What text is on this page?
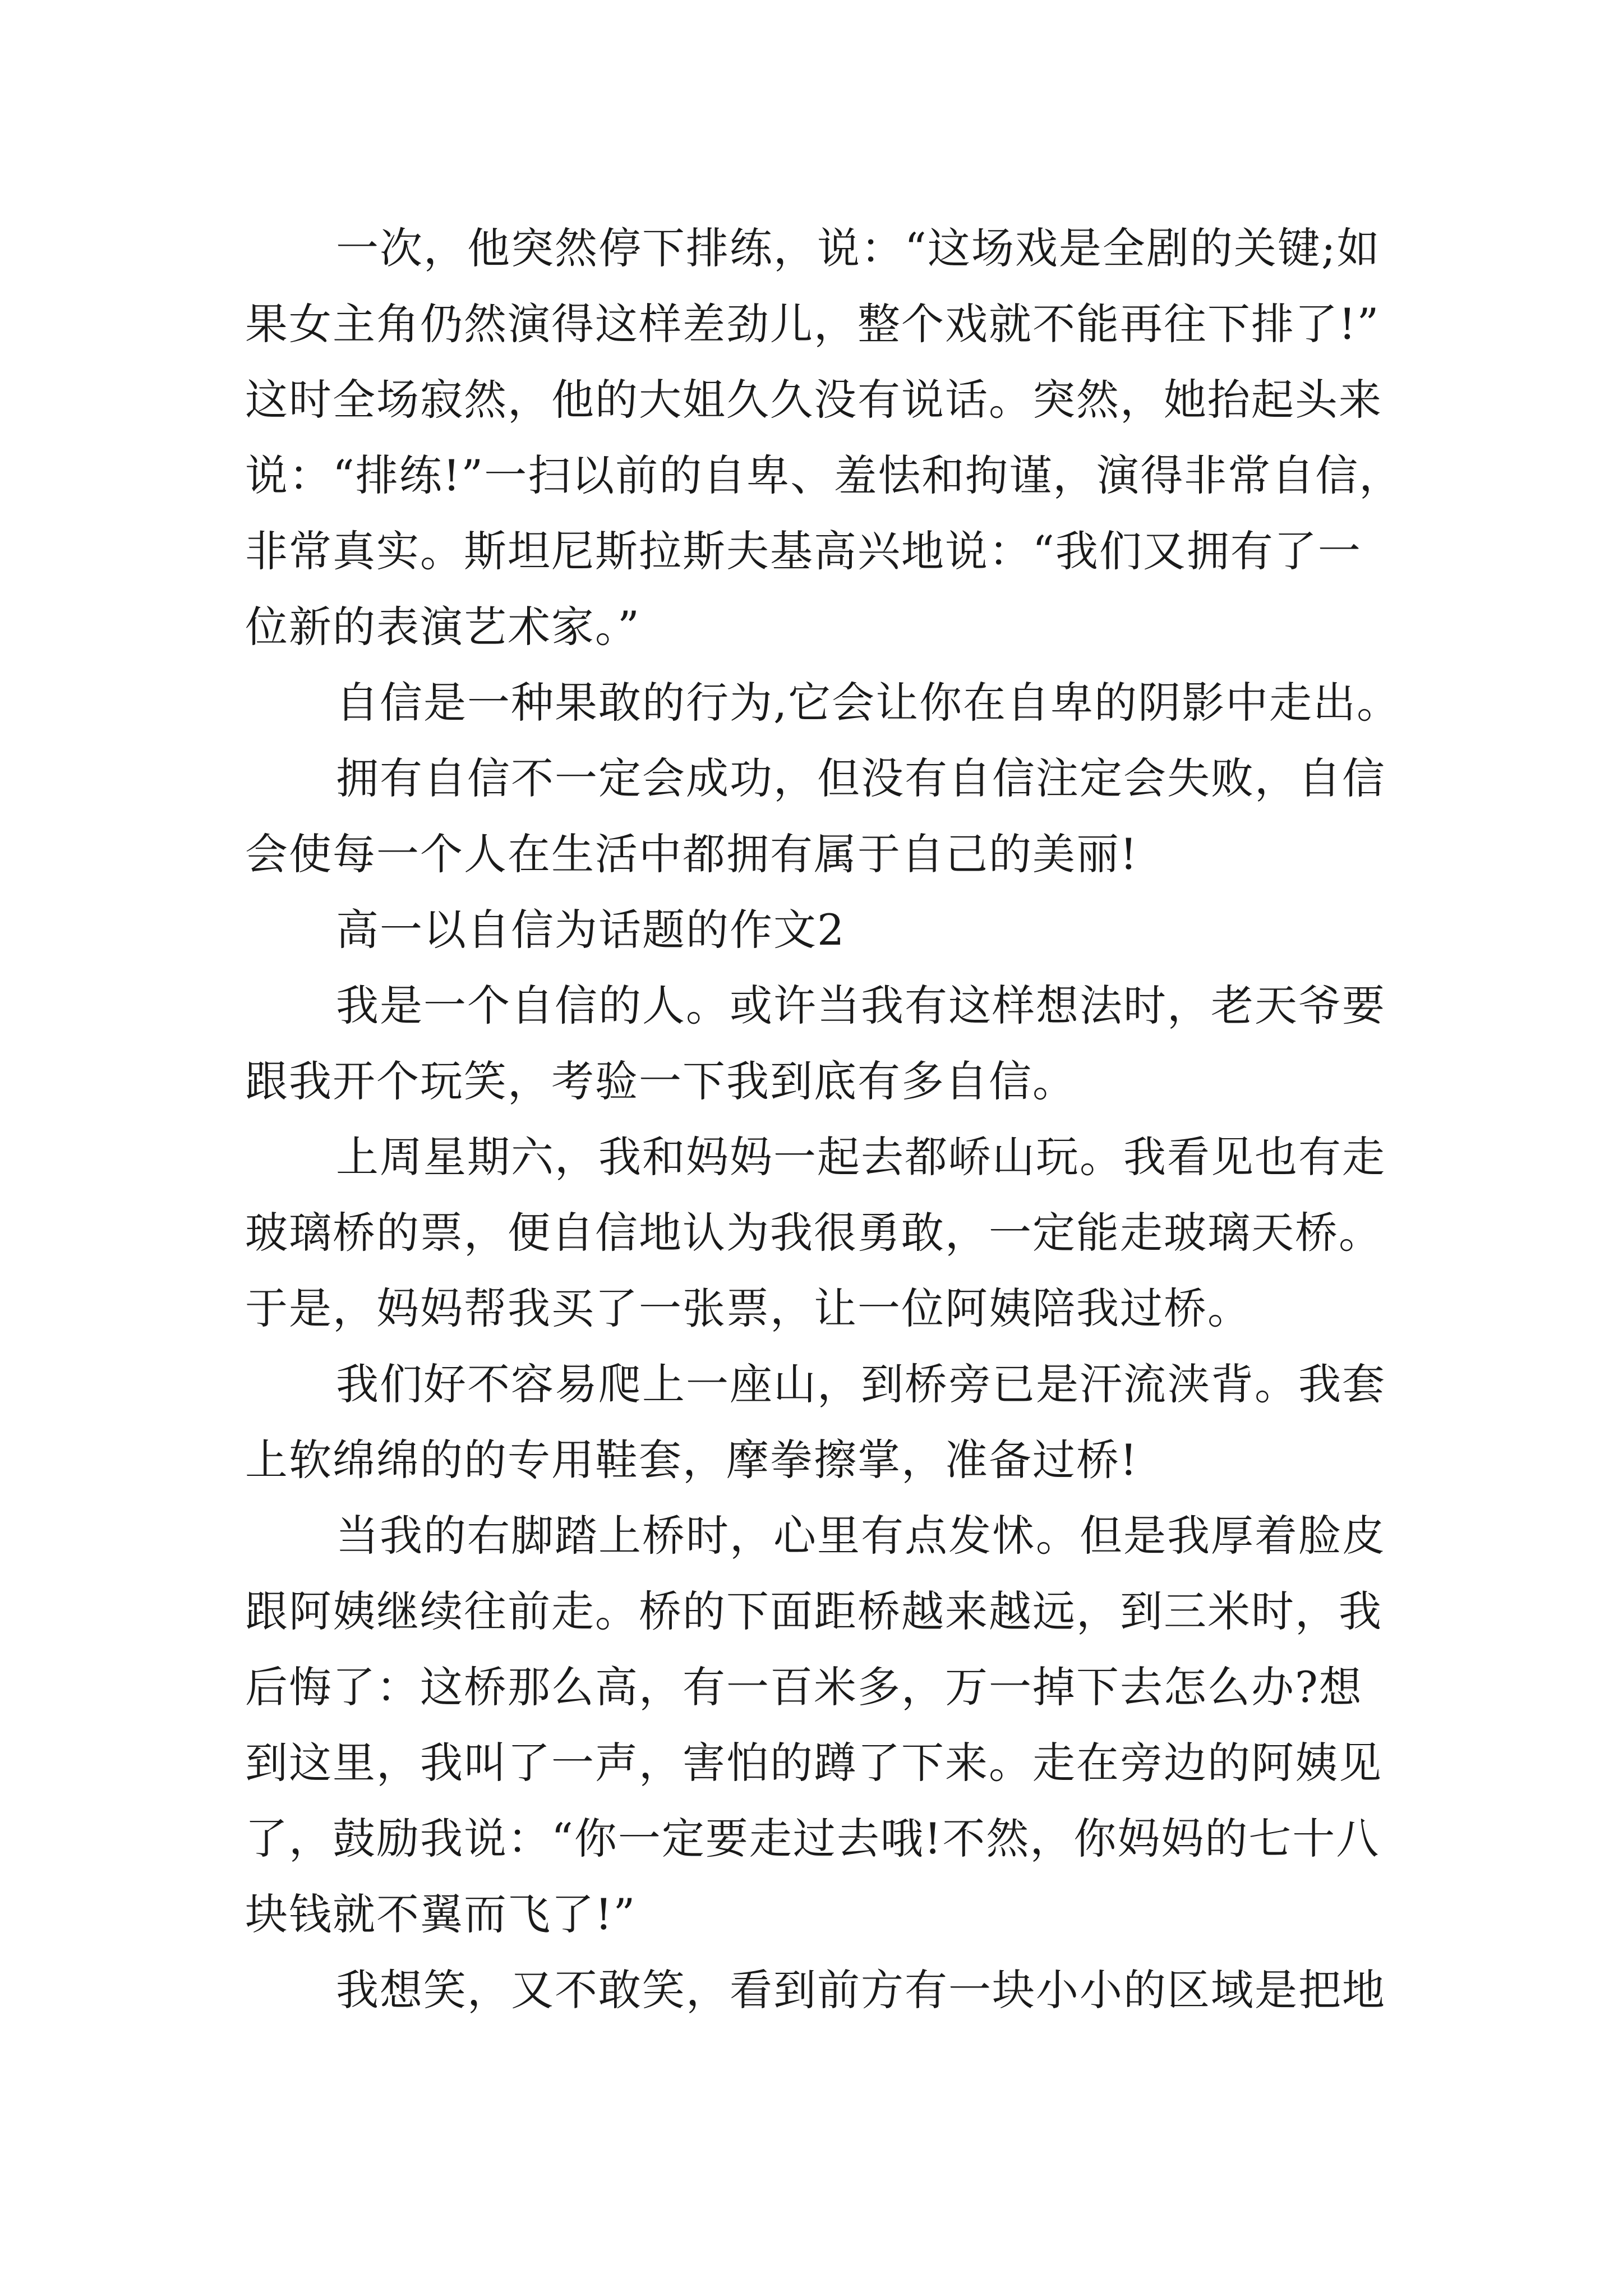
一次，他突然停下排练，说：“这场戏是全剧的关键;如
果女主角仍然演得这样差劲儿，整个戏就不能再往下排了!”
这时全场寂然，他的大姐久久没有说话。突然，她抬起头来
说：“排练!”一扫以前的自卑、羞怯和拘谨，演得非常自信，
非常真实。斯坦尼斯拉斯夫基高兴地说：“我们又拥有了一
位新的表演艺术家。”
自信是一种果敢的行为,它会让你在自卑的阴影中走出。
拥有自信不一定会成功，但没有自信注定会失败，自信
会使每一个人在生活中都拥有属于自己的美丽!
高一以自信为话题的作文2
我是一个自信的人。或许当我有这样想法时，老天爷要
跟我开个玩笑，考验一下我到底有多自信。
上周星期六，我和妈妈一起去都峤山玩。我看见也有走
玻璃桥的票，便自信地认为我很勇敢，一定能走玻璃天桥。
于是，妈妈帮我买了一张票，让一位阿姨陪我过桥。
我们好不容易爬上一座山，到桥旁已是汗流浃背。我套
上软绵绵的的专用鞋套，摩拳擦掌，准备过桥!
当我的右脚踏上桥时，心里有点发怵。但是我厚着脸皮
跟阿姨继续往前走。桥的下面距桥越来越远，到三米时，我
后悔了：这桥那么高，有一百米多，万一掉下去怎么办?想
到这里，我叫了一声，害怕的蹲了下来。走在旁边的阿姨见
了，鼓励我说：“你一定要走过去哦!不然，你妈妈的七十八
块钱就不翼而飞了!”
我想笑，又不敢笑，看到前方有一块小小的区域是把地
